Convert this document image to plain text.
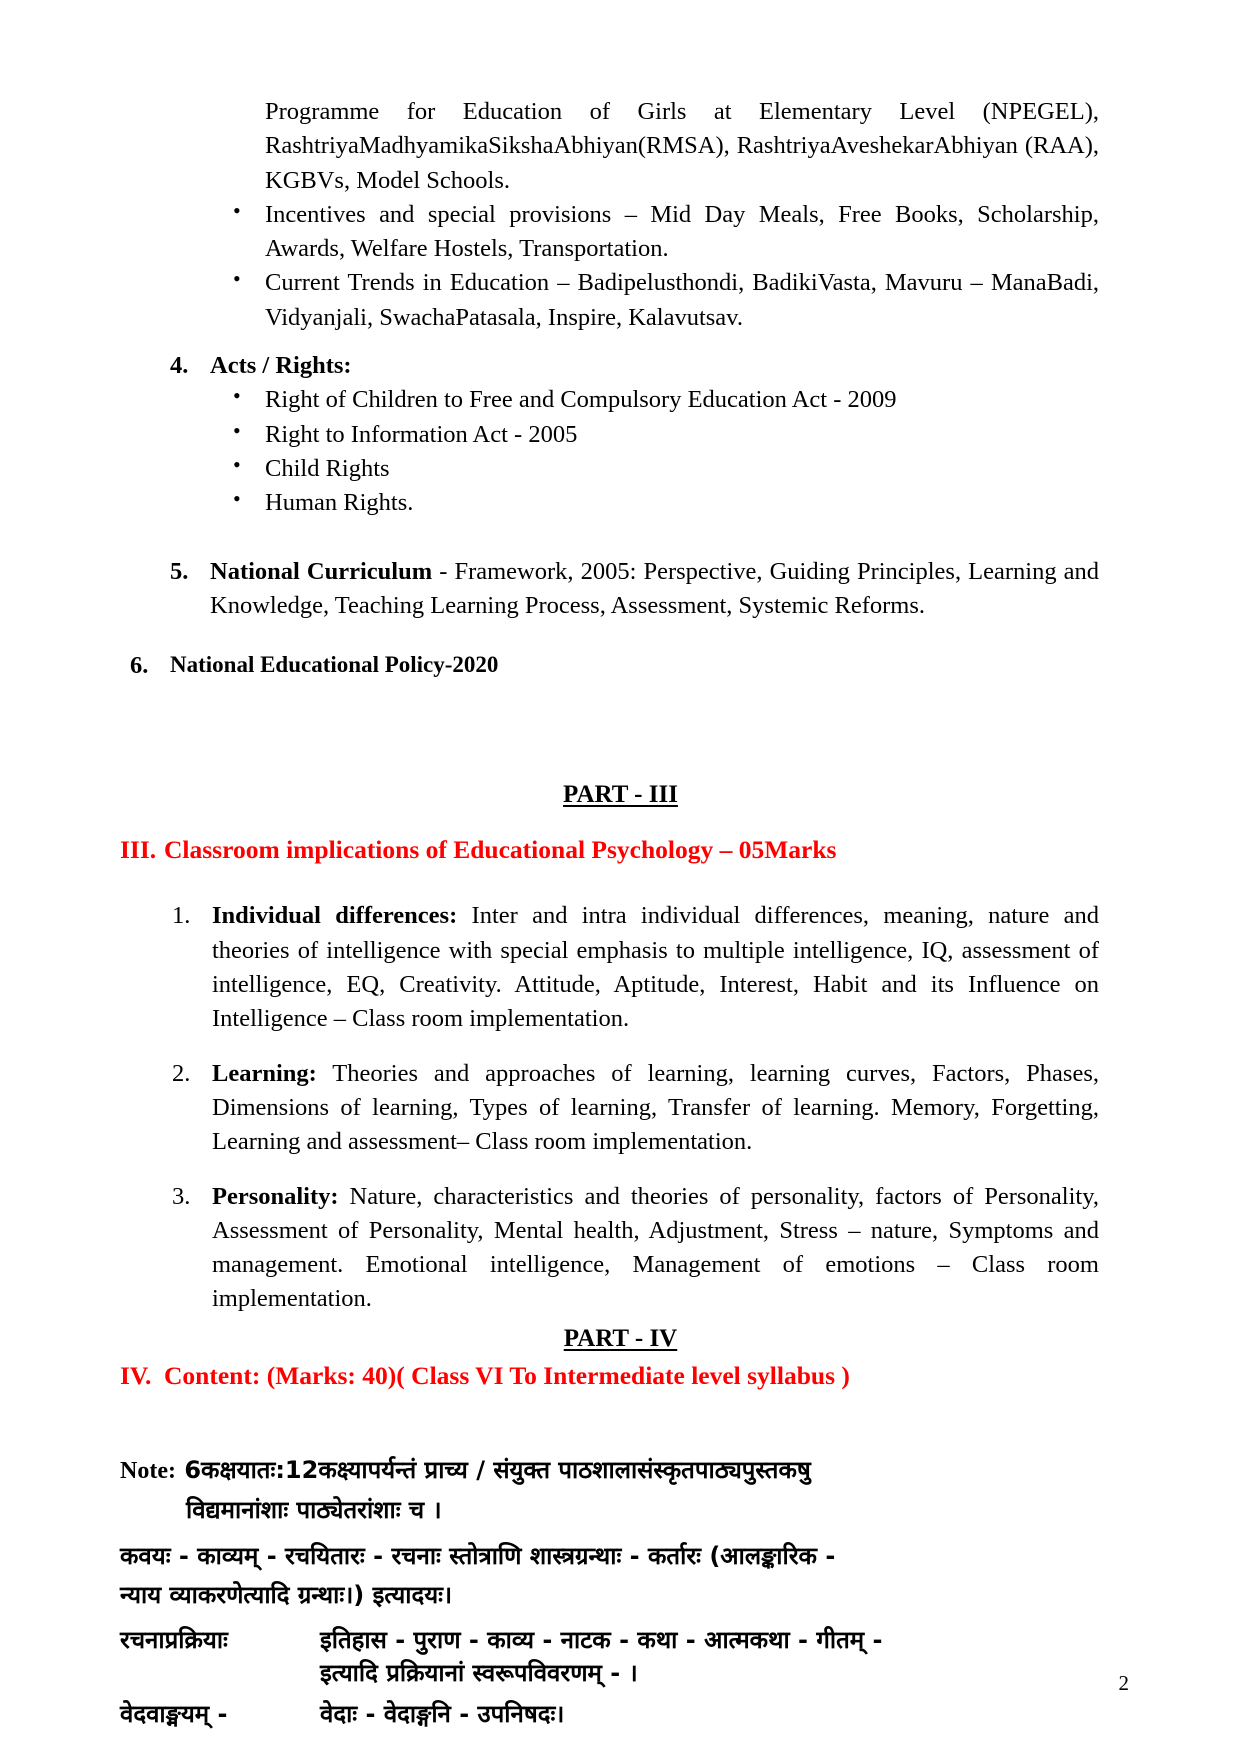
Programme for Education of Girls at Elementary Level (NPEGEL), RashtriyaMadhyamikaSikshaAbhiyan(RMSA), RashtriyaAveshekarAbhiyan (RAA), KGBVs, Model Schools.
• Incentives and special provisions – Mid Day Meals, Free Books, Scholarship, Awards, Welfare Hostels, Transportation.
• Current Trends in Education – Badipelusthondi, BadikiVasta, Mavuru – ManaBadi, Vidyanjali, SwachaPatasala, Inspire, Kalavutsav.
4. Acts / Rights:
• Right of Children to Free and Compulsory Education Act - 2009
• Right to Information Act - 2005
• Child Rights
• Human Rights.
5. National Curriculum - Framework, 2005: Perspective, Guiding Principles, Learning and Knowledge, Teaching Learning Process, Assessment, Systemic Reforms.
6. National Educational Policy-2020
PART - III
III. Classroom implications of Educational Psychology – 05Marks
1. Individual differences: Inter and intra individual differences, meaning, nature and theories of intelligence with special emphasis to multiple intelligence, IQ, assessment of intelligence, EQ, Creativity. Attitude, Aptitude, Interest, Habit and its Influence on Intelligence – Class room implementation.
2. Learning: Theories and approaches of learning, learning curves, Factors, Phases, Dimensions of learning, Types of learning, Transfer of learning. Memory, Forgetting, Learning and assessment– Class room implementation.
3. Personality: Nature, characteristics and theories of personality, factors of Personality, Assessment of Personality, Mental health, Adjustment, Stress – nature, Symptoms and management. Emotional intelligence, Management of emotions – Class room implementation.
PART - IV
IV. Content: (Marks: 40)( Class VI To Intermediate level syllabus )
Note: 6कक्षयातः:12कक्ष्यापर्यन्तं प्राच्य / संयुक्त पाठशालासंस्कृतपाठ्यपुस्तकषु
विद्यमानांशाः पाठ्येतरांशाः च ।
कवयः - काव्यम् - रचयितारः - रचनाः स्तोत्राणि शास्त्रग्रन्थाः - कर्तारः (आलङ्कारिक -
न्याय व्याकरणेत्यादि ग्रन्थाः।) इत्यादयः।
रचनाप्रक्रियाः	इतिहास - पुराण - काव्य - नाटक - कथा - आत्मकथा - गीतम् -
इत्यादि प्रक्रियानां स्वरूपविवरणम् - ।
वेदवाङ्मयम् -	वेदाः - वेदाङ्गनि - उपनिषदः।
2
